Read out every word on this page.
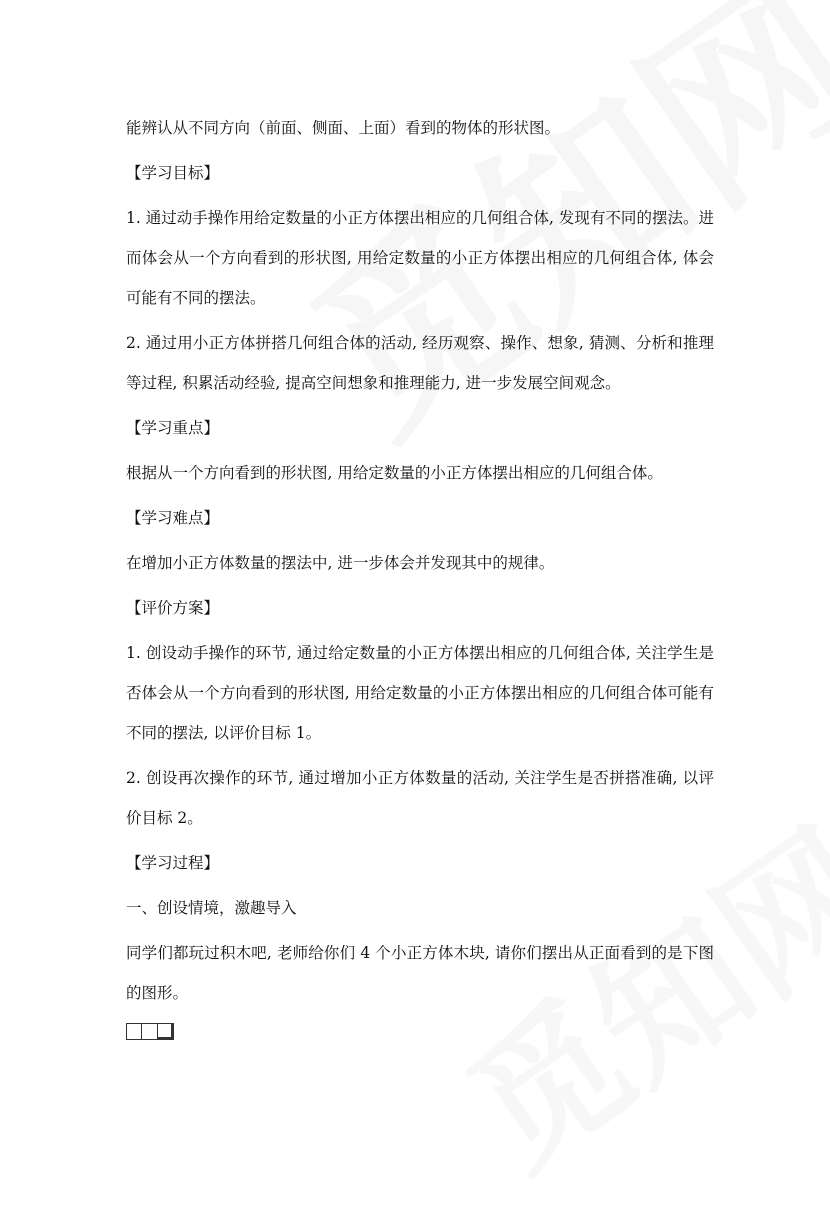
能辨认从不同方向（前面、侧面、上面）看到的物体的形状图。

【学习目标】

1. 通过动手操作用给定数量的小正方体摆出相应的几何组合体, 发现有不同的摆法。进而体会从一个方向看到的形状图, 用给定数量的小正方体摆出相应的几何组合体, 体会可能有不同的摆法。

2. 通过用小正方体拼搭几何组合体的活动, 经历观察、操作、想象, 猜测、分析和推理等过程, 积累活动经验, 提高空间想象和推理能力, 进一步发展空间观念。

【学习重点】

根据从一个方向看到的形状图, 用给定数量的小正方体摆出相应的几何组合体。

【学习难点】

在增加小正方体数量的摆法中, 进一步体会并发现其中的规律。

【评价方案】

1. 创设动手操作的环节, 通过给定数量的小正方体摆出相应的几何组合体, 关注学生是否体会从一个方向看到的形状图, 用给定数量的小正方体摆出相应的几何组合体可能有不同的摆法, 以评价目标 1。

2. 创设再次操作的环节, 通过增加小正方体数量的活动, 关注学生是否拼搭准确, 以评价目标 2。

【学习过程】

一、创设情境，激趣导入

同学们都玩过积木吧, 老师给你们 4 个小正方体木块, 请你们摆出从正面看到的是下图的图形。
